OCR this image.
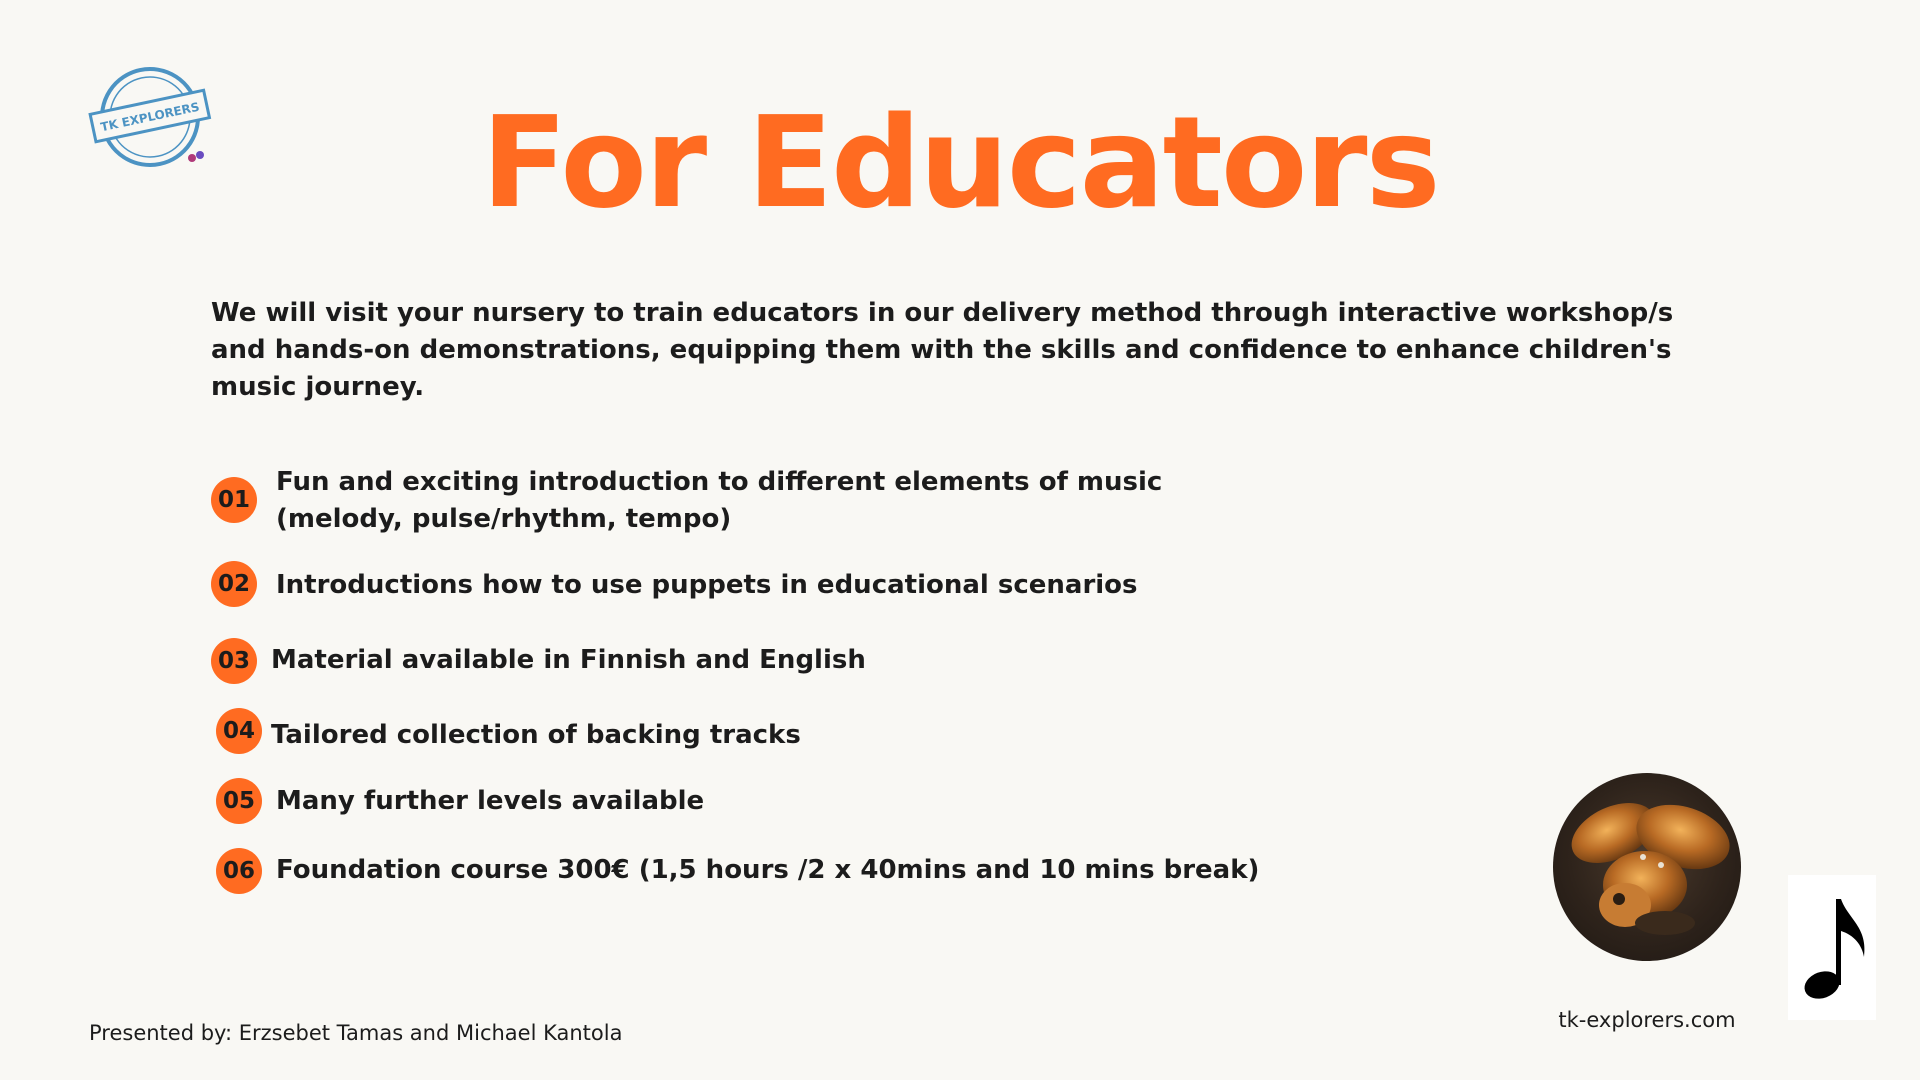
TK EXPLORERS	For Educators
We will visit your nursery to train educators in our delivery method through interactive workshop/s and hands-on demonstrations, equipping them with the skills and confidence to enhance children's music journey.
01
Fun and exciting introduction to different elements of music
(melody, pulse/rhythm, tempo)
02 Introductions how to use puppets in educational scenarios
03 Material available in Finnish and English
04 Tailored collection of backing tracks
05 Many further levels available
06 Foundation course 300€ (1,5 hours /2 x 40mins and 10 mins break)
tk-explorers.com
Presented by: Erzsebet Tamas and Michael Kantola
